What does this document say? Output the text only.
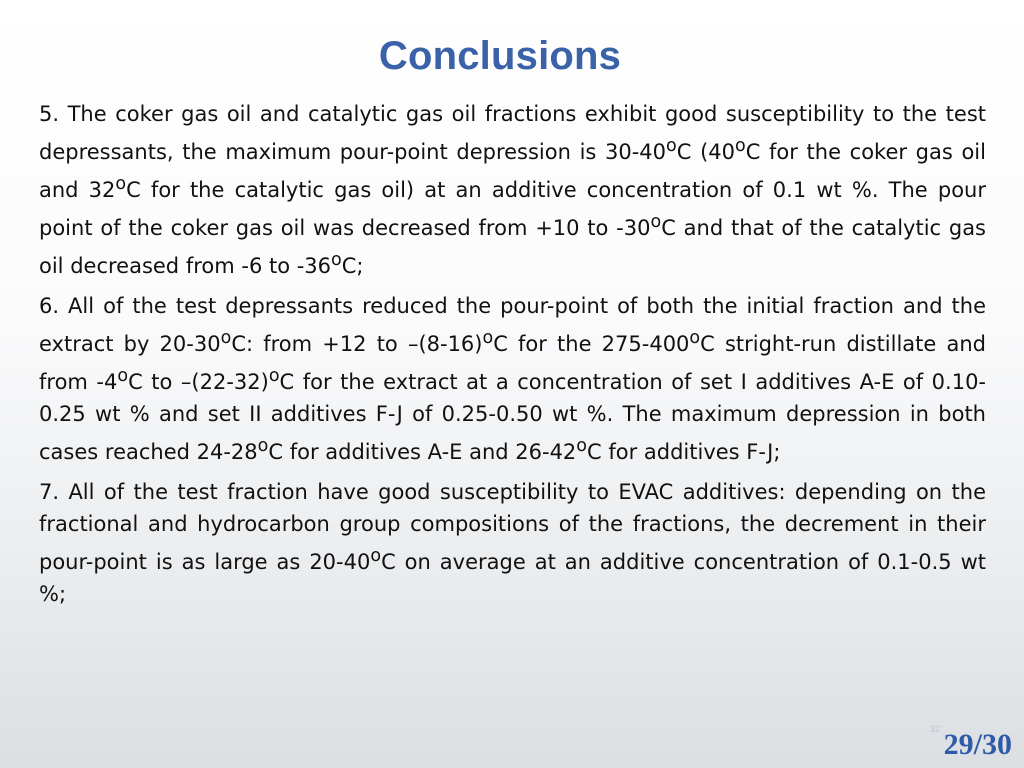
Conclusions

5. The coker gas oil and catalytic gas oil fractions exhibit good susceptibility to the test depressants, the maximum pour-point depression is 30-40$^o$C (40$^o$C for the coker gas oil and 32$^o$C for the catalytic gas oil) at an additive concentration of 0.1 wt %. The pour point of the coker gas oil was decreased from +10 to -30$^o$C and that of the catalytic gas oil decreased from -6 to -36$^o$C;

6. All of the test depressants reduced the pour-point of both the initial fraction and the extract by 20-30$^o$C: from +12 to $-(8-16)^oC$ for the 275-400$^o$C stright-run distillate and from -4$^o$C to $-(22-32)^oC$ for the extract at a concentration of set I additives A-E of 0.10-0.25 wt % and set II additives F-J of 0.25-0.50 wt %. The maximum depression in both cases reached 24-28$^o$C for additives A-E and 26-42$^o$C for additives F-J;

7. All of the test fraction have good susceptibility to EVAC additives: depending on the fractional and hydrocarbon group compositions of the fractions, the decrement in their pour-point is as large as 20-40$^o$C on average at an additive concentration of 0.1-0.5 wt %;

32 29/30
